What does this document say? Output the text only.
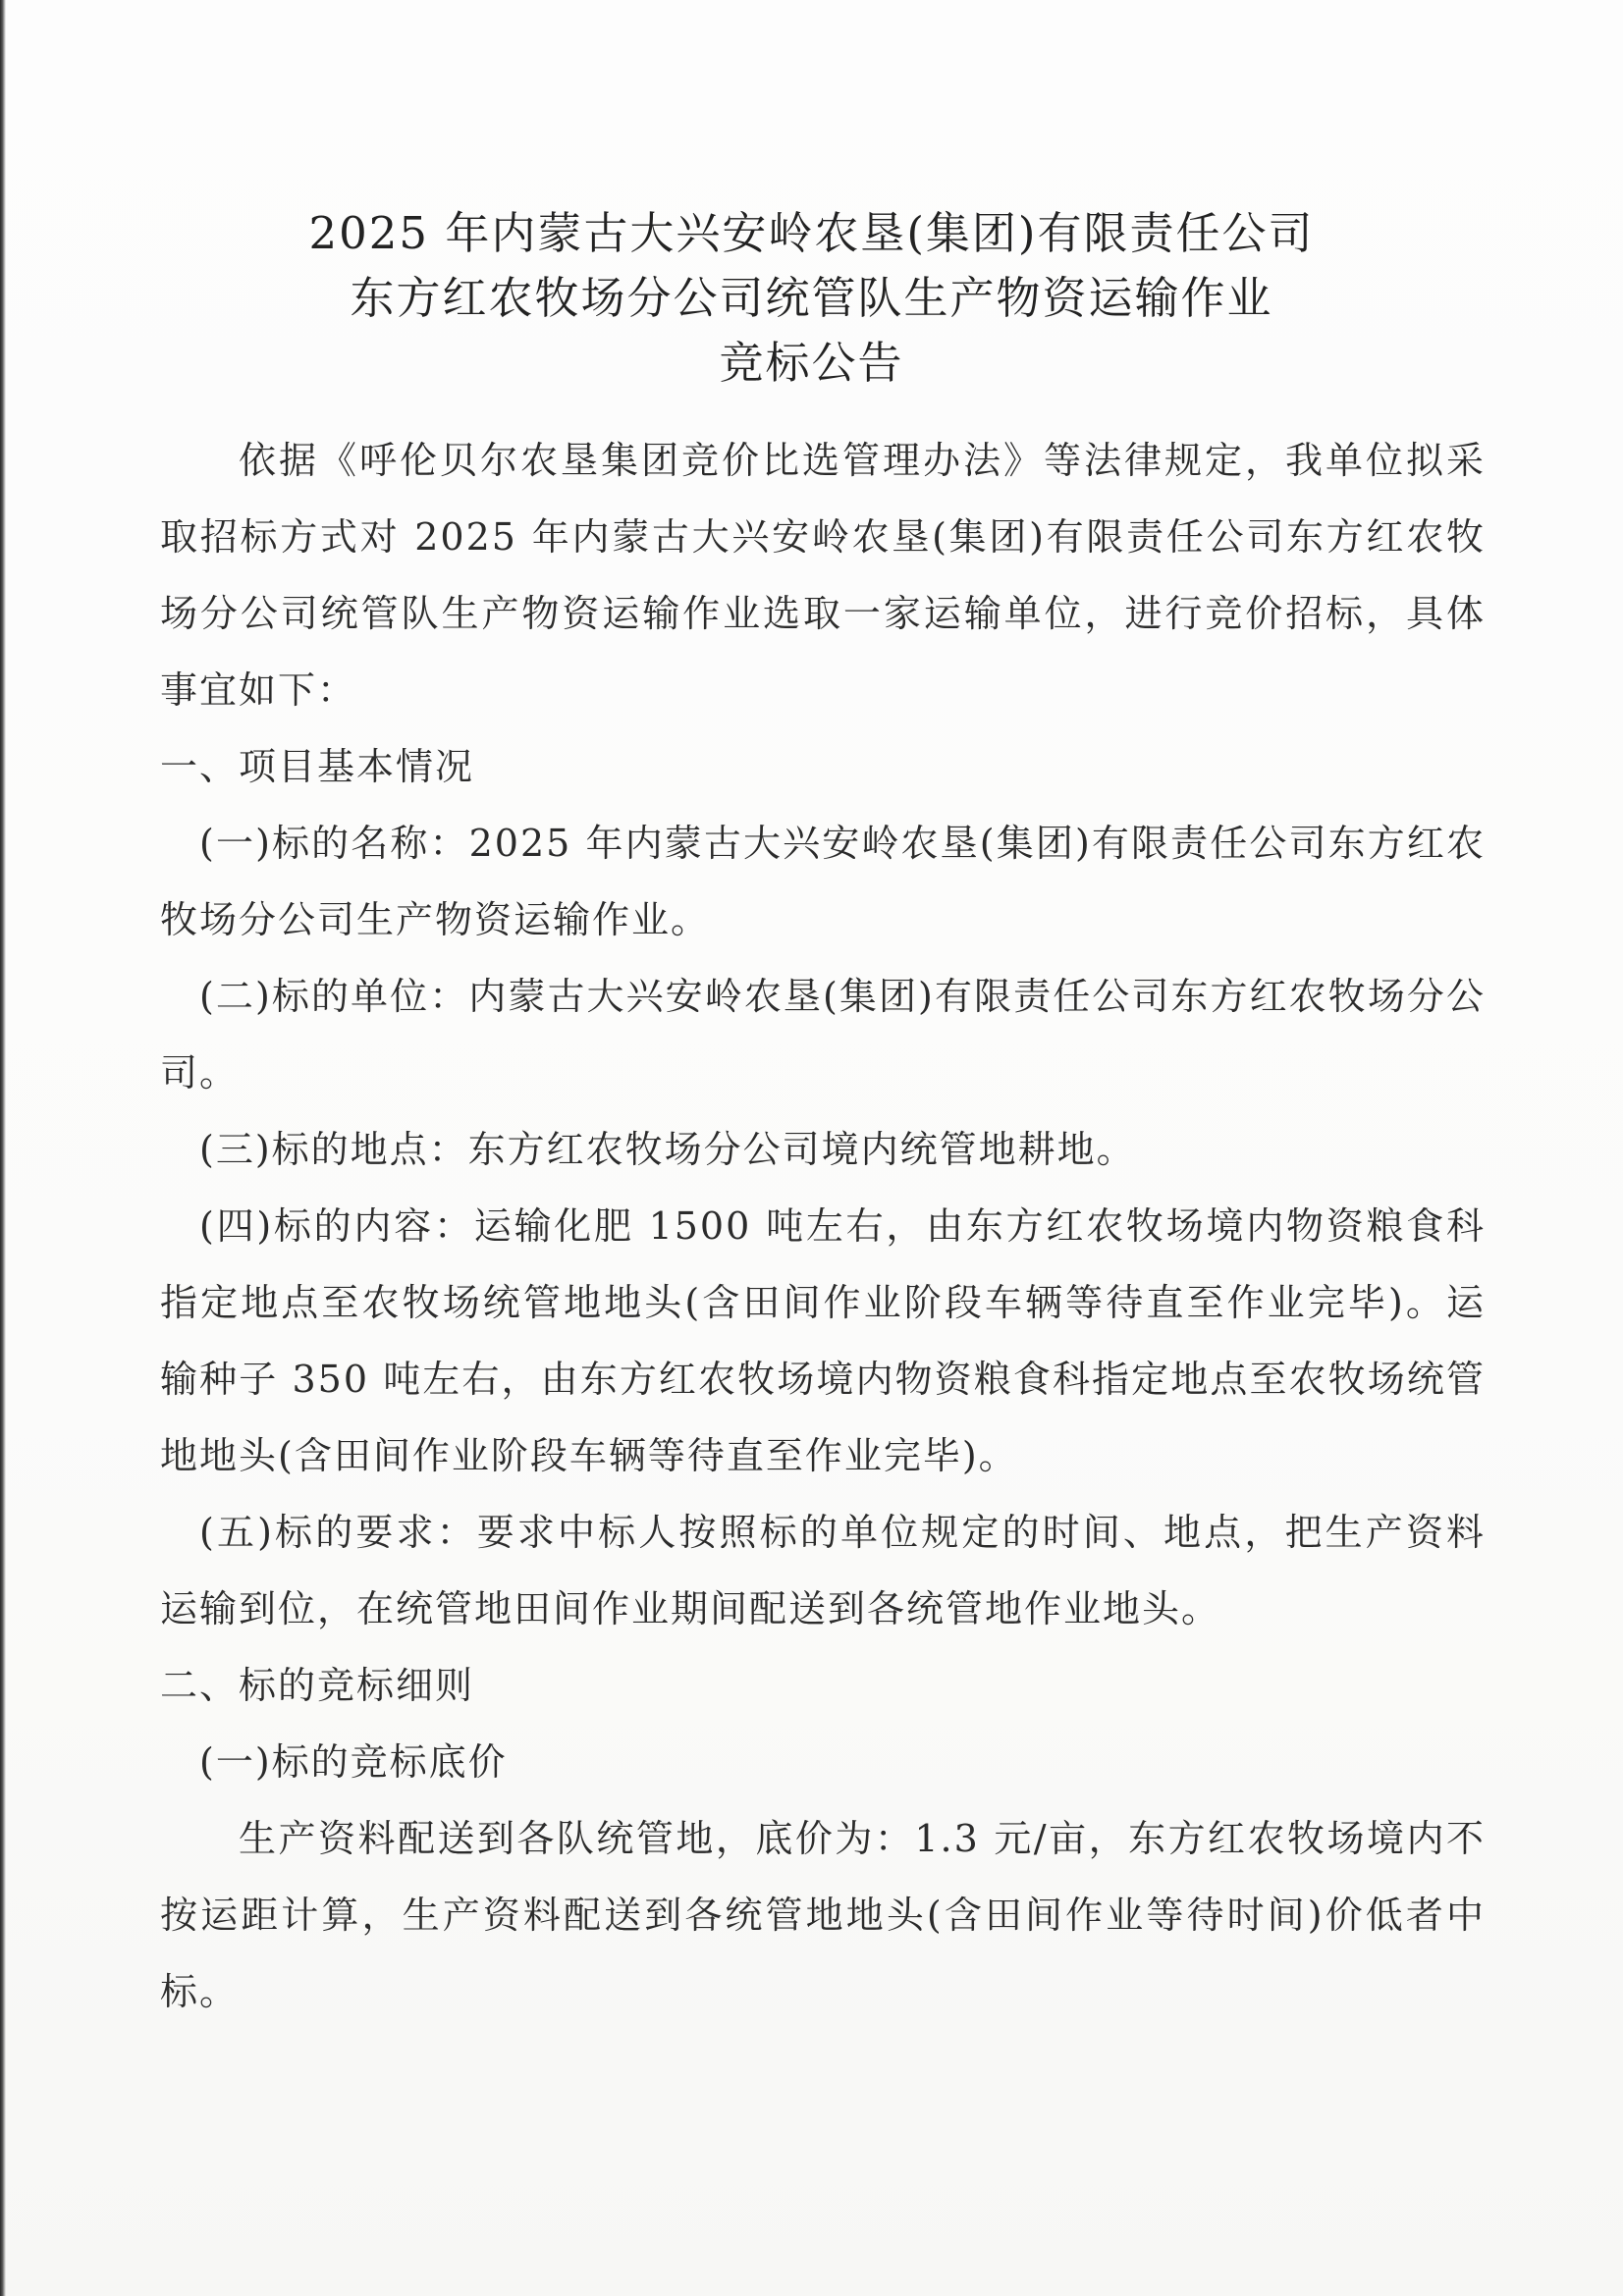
2025 年内蒙古大兴安岭农垦(集团)有限责任公司
东方红农牧场分公司统管队生产物资运输作业
竞标公告

依据《呼伦贝尔农垦集团竞价比选管理办法》等法律规定，我单位拟采取招标方式对 2025 年内蒙古大兴安岭农垦(集团)有限责任公司东方红农牧场分公司统管队生产物资运输作业选取一家运输单位，进行竞价招标，具体事宜如下：

一、项目基本情况

(一)标的名称：2025 年内蒙古大兴安岭农垦(集团)有限责任公司东方红农牧场分公司生产物资运输作业。

(二)标的单位：内蒙古大兴安岭农垦(集团)有限责任公司东方红农牧场分公司。

(三)标的地点：东方红农牧场分公司境内统管地耕地。

(四)标的内容：运输化肥 1500 吨左右，由东方红农牧场境内物资粮食科指定地点至农牧场统管地地头(含田间作业阶段车辆等待直至作业完毕)。运输种子 350 吨左右，由东方红农牧场境内物资粮食科指定地点至农牧场统管地地头(含田间作业阶段车辆等待直至作业完毕)。

(五)标的要求：要求中标人按照标的单位规定的时间、地点，把生产资料运输到位，在统管地田间作业期间配送到各统管地作业地头。

二、标的竞标细则

(一)标的竞标底价

生产资料配送到各队统管地，底价为：1.3 元/亩，东方红农牧场境内不按运距计算，生产资料配送到各统管地地头(含田间作业等待时间)价低者中标。
